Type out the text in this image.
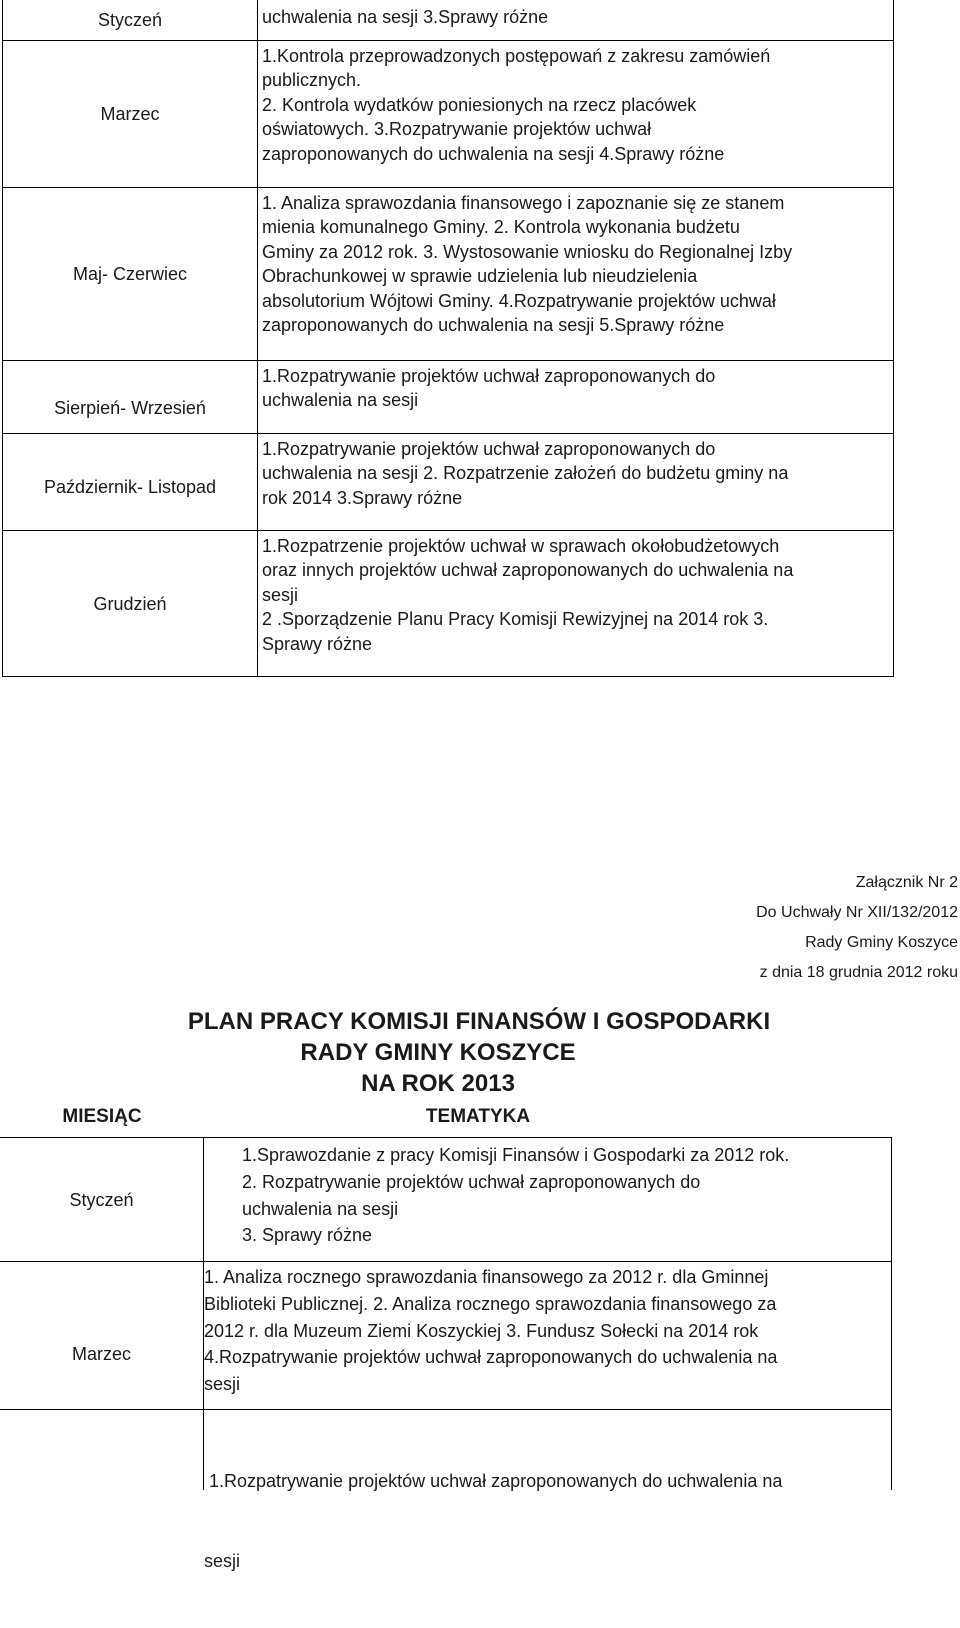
Styczeń	uchwalenia na sesji 3.Sprawy różne
Marzec
1.Kontrola przeprowadzonych postępowań z zakresu zamówień
publicznych.
2. Kontrola wydatków poniesionych na rzecz placówek
oświatowych. 3.Rozpatrywanie projektów uchwał
zaproponowanych do uchwalenia na sesji 4.Sprawy różne
Maj- Czerwiec
1. Analiza sprawozdania finansowego i zapoznanie się ze stanem
mienia komunalnego Gminy. 2. Kontrola wykonania budżetu
Gminy za 2012 rok. 3. Wystosowanie wniosku do Regionalnej Izby
Obrachunkowej w sprawie udzielenia lub nieudzielenia
absolutorium Wójtowi Gminy. 4.Rozpatrywanie projektów uchwał
zaproponowanych do uchwalenia na sesji 5.Sprawy różne
Sierpień- Wrzesień
1.Rozpatrywanie projektów uchwał zaproponowanych do
uchwalenia na sesji
Październik- Listopad
1.Rozpatrywanie projektów uchwał zaproponowanych do
uchwalenia na sesji 2. Rozpatrzenie założeń do budżetu gminy na
rok 2014 3.Sprawy różne
Grudzień
1.Rozpatrzenie projektów uchwał w sprawach okołobudżetowych
oraz innych projektów uchwał zaproponowanych do uchwalenia na
sesji
2 .Sporządzenie Planu Pracy Komisji Rewizyjnej na 2014 rok 3.
Sprawy różne
Załącznik Nr 2
Do Uchwały Nr XII/132/2012
Rady Gminy Koszyce
z dnia 18 grudnia 2012 roku
PLAN PRACY KOMISJI FINANSÓW I GOSPODARKI
RADY GMINY KOSZYCE
NA ROK 2013
MIESIĄC	TEMATYKA
Styczeń
1.Sprawozdanie z pracy Komisji Finansów i Gospodarki za 2012 rok.
2. Rozpatrywanie projektów uchwał zaproponowanych do
uchwalenia na sesji
3. Sprawy różne
Marzec
1. Analiza rocznego sprawozdania finansowego za 2012 r. dla Gminnej
Biblioteki Publicznej. 2. Analiza rocznego sprawozdania finansowego za
2012 r. dla Muzeum Ziemi Koszyckiej 3. Fundusz Sołecki na 2014 rok
4.Rozpatrywanie projektów uchwał zaproponowanych do uchwalenia na
sesji

1.Rozpatrywanie projektów uchwał zaproponowanych do uchwalenia na

sesji
